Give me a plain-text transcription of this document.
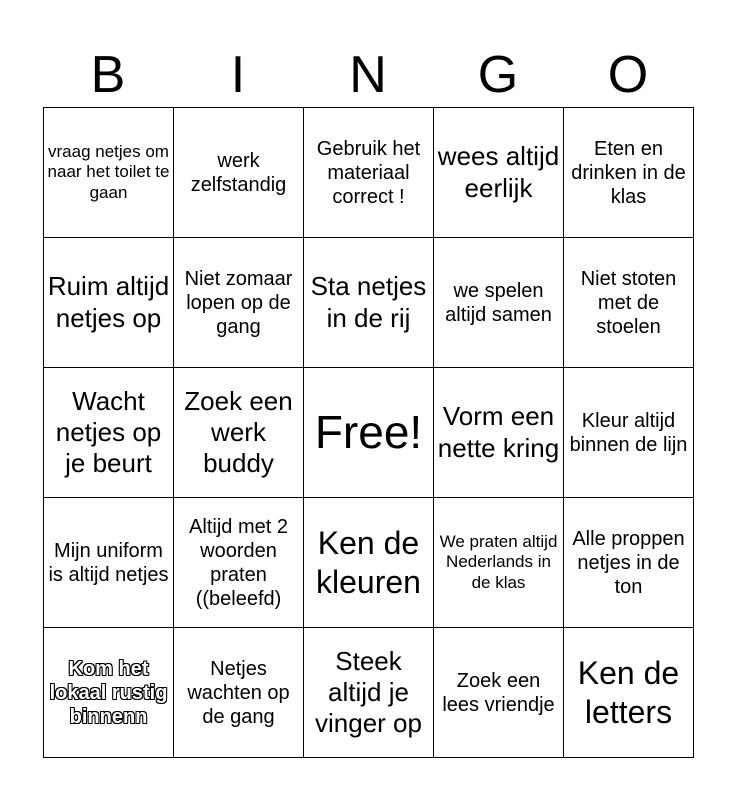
B	I	N	G	O
vraag netjes om naar het toilet te gaan	werk zelfstandig	Gebruik het materiaal correct !	wees altijd eerlijk	Eten en drinken in de klas
Ruim altijd netjes op	Niet zomaar lopen op de gang	Sta netjes in de rij	we spelen altijd samen	Niet stoten met de stoelen
Wacht netjes op je beurt	Zoek een werk buddy	Free!	Vorm een nette kring	Kleur altijd binnen de lijn
Mijn uniform is altijd netjes	Altijd met 2 woorden praten ((beleefd)	Ken de kleuren	We praten altijd Nederlands in de klas	Alle proppen netjes in de ton
Kom het lokaal rustig binnenn	Netjes wachten op de gang	Steek altijd je vinger op	Zoek een lees vriendje	Ken de letters
